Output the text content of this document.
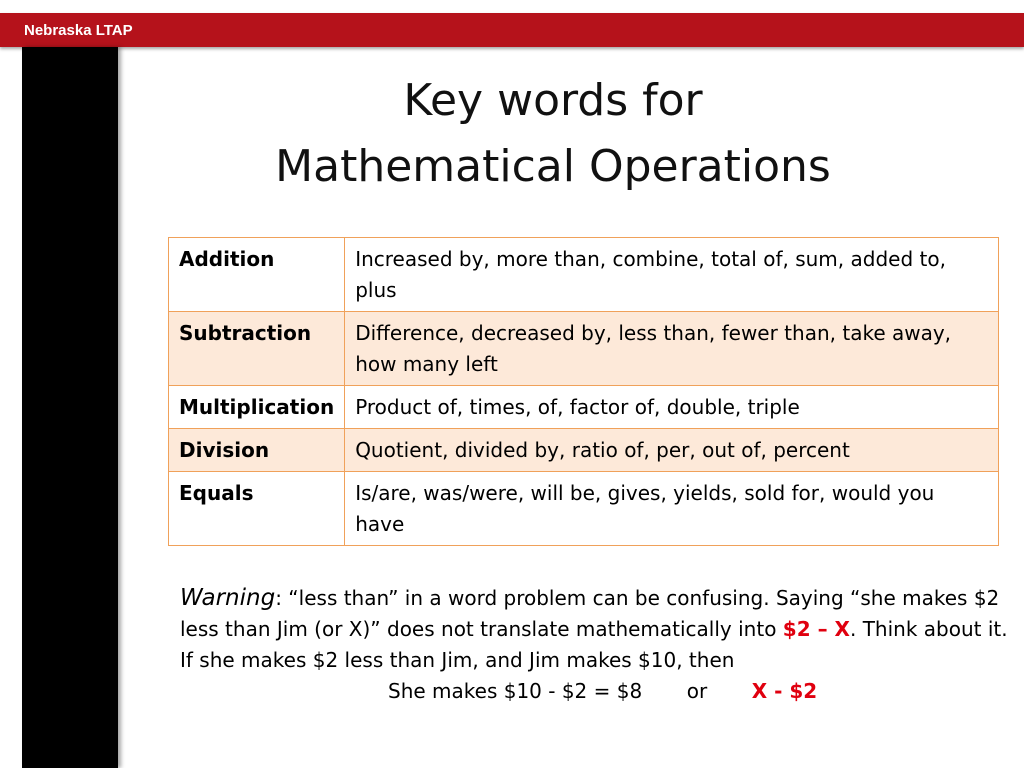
Nebraska LTAP
Key words for
Mathematical Operations
Addition	Increased by, more than, combine, total of, sum, added to, plus
Subtraction	Difference, decreased by, less than, fewer than, take away, how many left
Multiplication	Product of, times, of, factor of, double, triple
Division	Quotient, divided by, ratio of, per, out of, percent
Equals	Is/are, was/were, will be, gives, yields, sold for, would you have
Warning: “less than” in a word problem can be confusing. Saying “she makes $2 less than Jim (or X)” does not translate mathematically into $2 – X. Think about it. If she makes $2 less than Jim, and Jim makes $10, then
She makes $10 - $2 = $8 or X - $2
